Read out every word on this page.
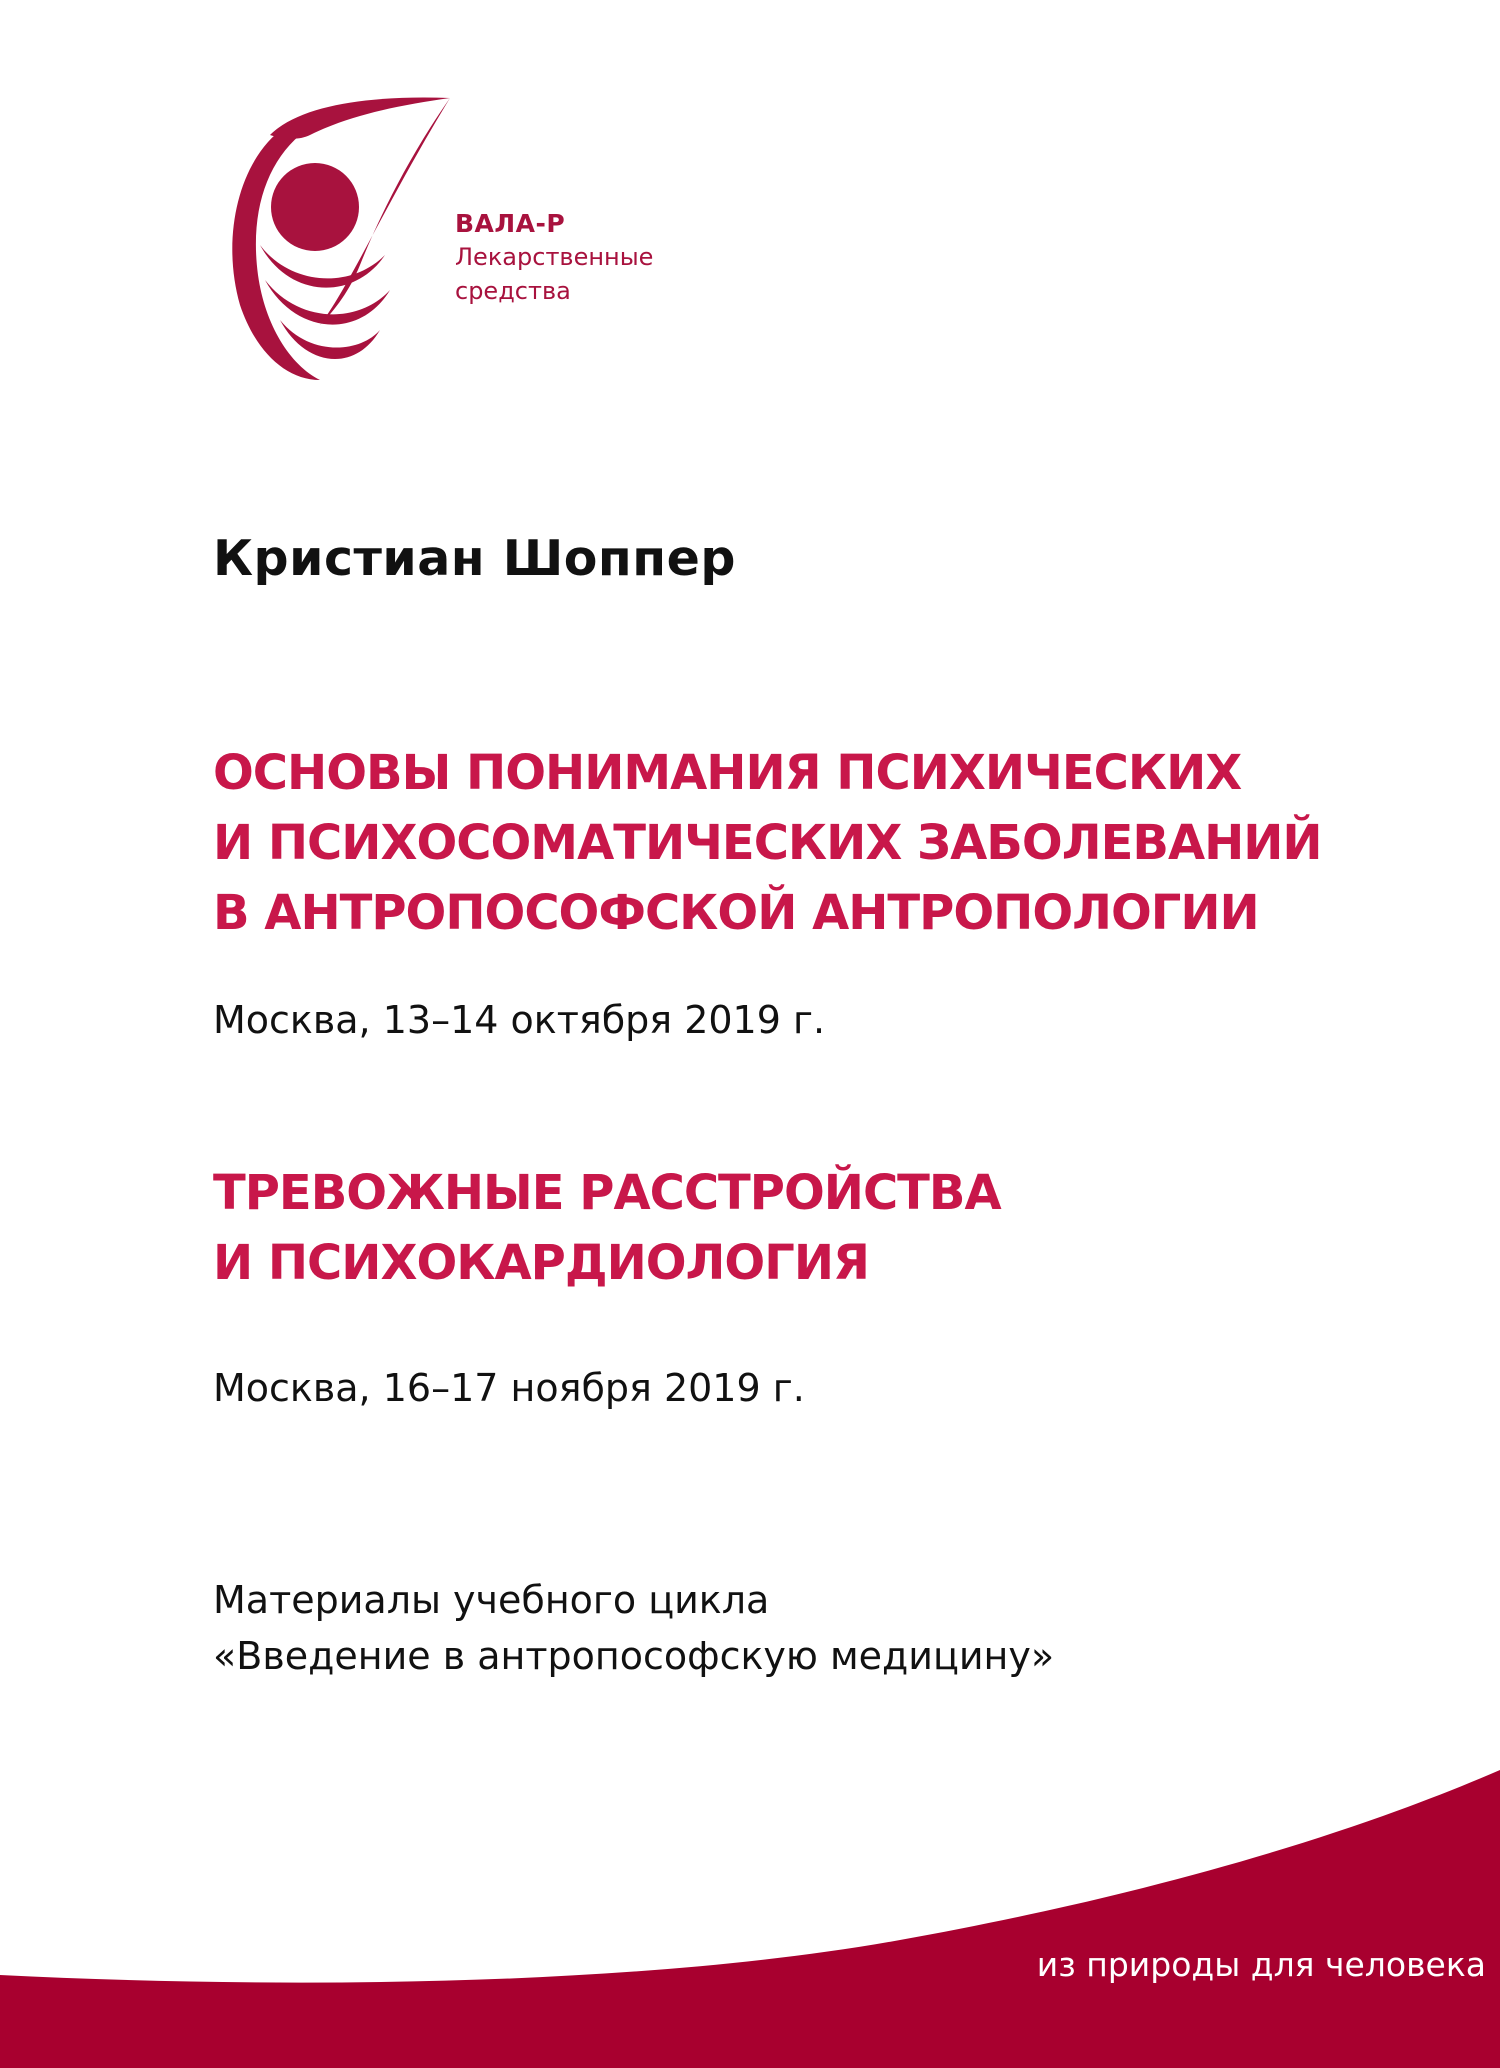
ВАЛА-Р
Лекарственные
средства
Кристиан Шоппер
ОСНОВЫ ПОНИМАНИЯ ПСИХИЧЕСКИХ
И ПСИХОСОМАТИЧЕСКИХ ЗАБОЛЕВАНИЙ
В АНТРОПОСОФСКОЙ АНТРОПОЛОГИИ
Москва, 13–14 октября 2019 г.
ТРЕВОЖНЫЕ РАССТРОЙСТВА
И ПСИХОКАРДИОЛОГИЯ
Москва, 16–17 ноября 2019 г.
Материалы учебного цикла
«Введение в антропософскую медицину»
из природы для человека
